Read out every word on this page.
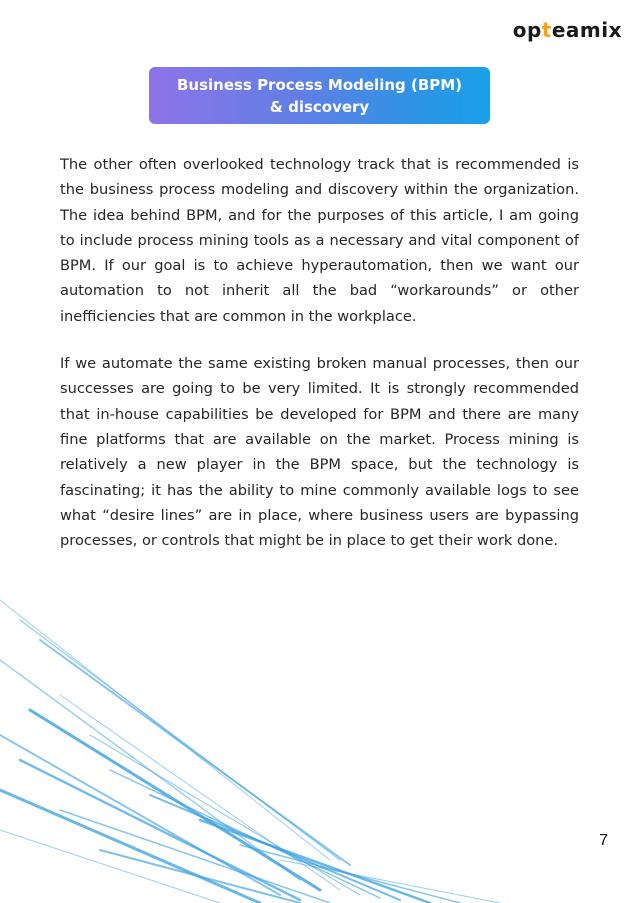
op t eamix
Business Process Modeling (BPM)
& discovery

The other often overlooked technology track that is recommended is the business process modeling and discovery within the organization. The idea behind BPM, and for the purposes of this article, I am going to include process mining tools as a necessary and vital component of BPM. If our goal is to achieve hyperautomation, then we want our automation to not inherit all the bad “workarounds” or other inefficiencies that are common in the workplace.

If we automate the same existing broken manual processes, then our successes are going to be very limited. It is strongly recommended that in-house capabilities be developed for BPM and there are many fine platforms that are available on the market. Process mining is relatively a new player in the BPM space, but the technology is fascinating; it has the ability to mine commonly available logs to see what “desire lines” are in place, where business users are bypassing processes, or controls that might be in place to get their work done.

7
